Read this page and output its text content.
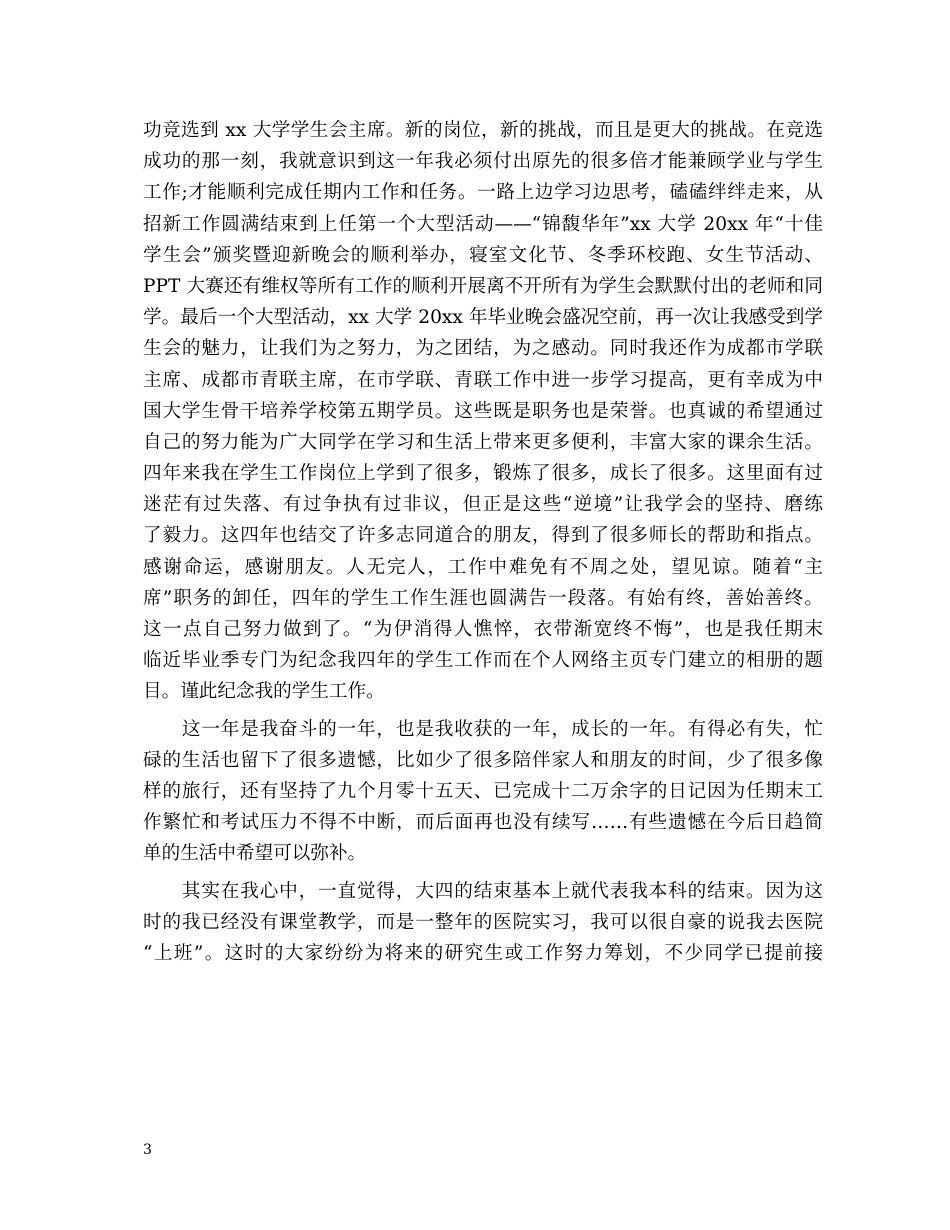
功竞选到 xx 大学学生会主席。新的岗位，新的挑战，而且是更大的挑战。在竞选
成功的那一刻，我就意识到这一年我必须付出原先的很多倍才能兼顾学业与学生
工作;才能顺利完成任期内工作和任务。一路上边学习边思考，磕磕绊绊走来，从
招新工作圆满结束到上任第一个大型活动——“锦馥华年”xx 大学 20xx 年“十佳
学生会”颁奖暨迎新晚会的顺利举办，寝室文化节、冬季环校跑、女生节活动、
PPT 大赛还有维权等所有工作的顺利开展离不开所有为学生会默默付出的老师和同
学。最后一个大型活动，xx 大学 20xx 年毕业晚会盛况空前，再一次让我感受到学
生会的魅力，让我们为之努力，为之团结，为之感动。同时我还作为成都市学联
主席、成都市青联主席，在市学联、青联工作中进一步学习提高，更有幸成为中
国大学生骨干培养学校第五期学员。这些既是职务也是荣誉。也真诚的希望通过
自己的努力能为广大同学在学习和生活上带来更多便利，丰富大家的课余生活。
四年来我在学生工作岗位上学到了很多，锻炼了很多，成长了很多。这里面有过
迷茫有过失落、有过争执有过非议，但正是这些“逆境”让我学会的坚持、磨练
了毅力。这四年也结交了许多志同道合的朋友，得到了很多师长的帮助和指点。
感谢命运，感谢朋友。人无完人，工作中难免有不周之处，望见谅。随着“主
席”职务的卸任，四年的学生工作生涯也圆满告一段落。有始有终，善始善终。
这一点自己努力做到了。“为伊消得人憔悴，衣带渐宽终不悔”，也是我任期末
临近毕业季专门为纪念我四年的学生工作而在个人网络主页专门建立的相册的题
目。谨此纪念我的学生工作。
　　这一年是我奋斗的一年，也是我收获的一年，成长的一年。有得必有失，忙
碌的生活也留下了很多遗憾，比如少了很多陪伴家人和朋友的时间，少了很多像
样的旅行，还有坚持了九个月零十五天、已完成十二万余字的日记因为任期末工
作繁忙和考试压力不得不中断，而后面再也没有续写……有些遗憾在今后日趋简
单的生活中希望可以弥补。
　　其实在我心中，一直觉得，大四的结束基本上就代表我本科的结束。因为这
时的我已经没有课堂教学，而是一整年的医院实习，我可以很自豪的说我去医院
“上班”。这时的大家纷纷为将来的研究生或工作努力筹划，不少同学已提前接
3
